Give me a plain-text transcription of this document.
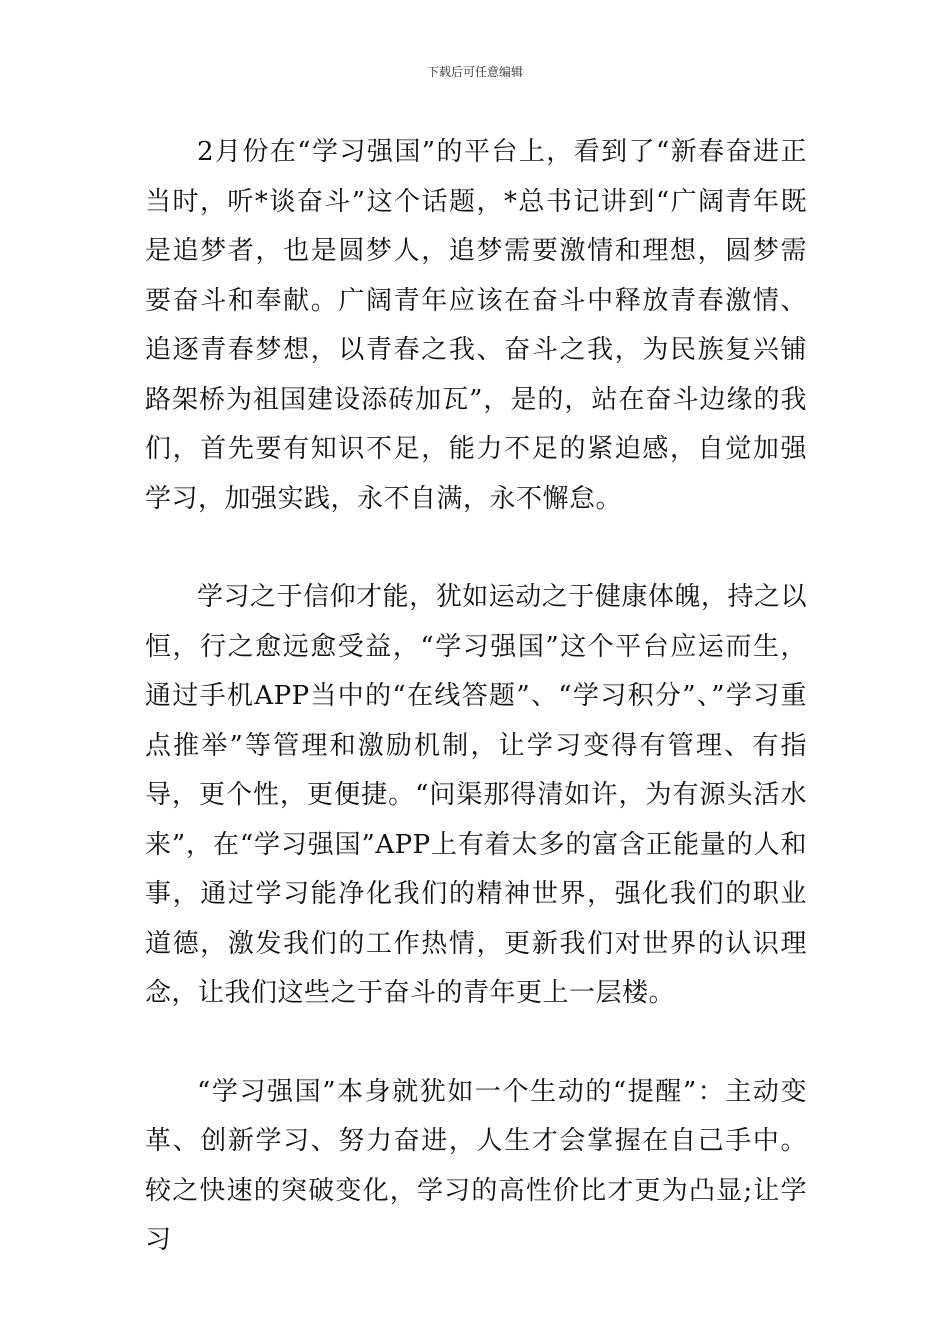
下载后可任意编辑

2月份在“学习强国”的平台上，看到了“新春奋进正当时，听*谈奋斗”这个话题，*总书记讲到“广阔青年既是追梦者，也是圆梦人，追梦需要激情和理想，圆梦需要奋斗和奉献。广阔青年应该在奋斗中释放青春激情、追逐青春梦想，以青春之我、奋斗之我，为民族复兴铺路架桥为祖国建设添砖加瓦”，是的，站在奋斗边缘的我们，首先要有知识不足，能力不足的紧迫感，自觉加强学习，加强实践，永不自满，永不懈怠。

学习之于信仰才能，犹如运动之于健康体魄，持之以恒，行之愈远愈受益，“学习强国”这个平台应运而生，通过手机APP当中的“在线答题”、“学习积分”、”学习重点推举”等管理和激励机制，让学习变得有管理、有指导，更个性，更便捷。“问渠那得清如许，为有源头活水来”，在“学习强国”APP上有着太多的富含正能量的人和事，通过学习能净化我们的精神世界，强化我们的职业道德，激发我们的工作热情，更新我们对世界的认识理念，让我们这些之于奋斗的青年更上一层楼。

“学习强国”本身就犹如一个生动的“提醒”：主动变革、创新学习、努力奋进，人生才会掌握在自己手中。较之快速的突破变化，学习的高性价比才更为凸显;让学习
